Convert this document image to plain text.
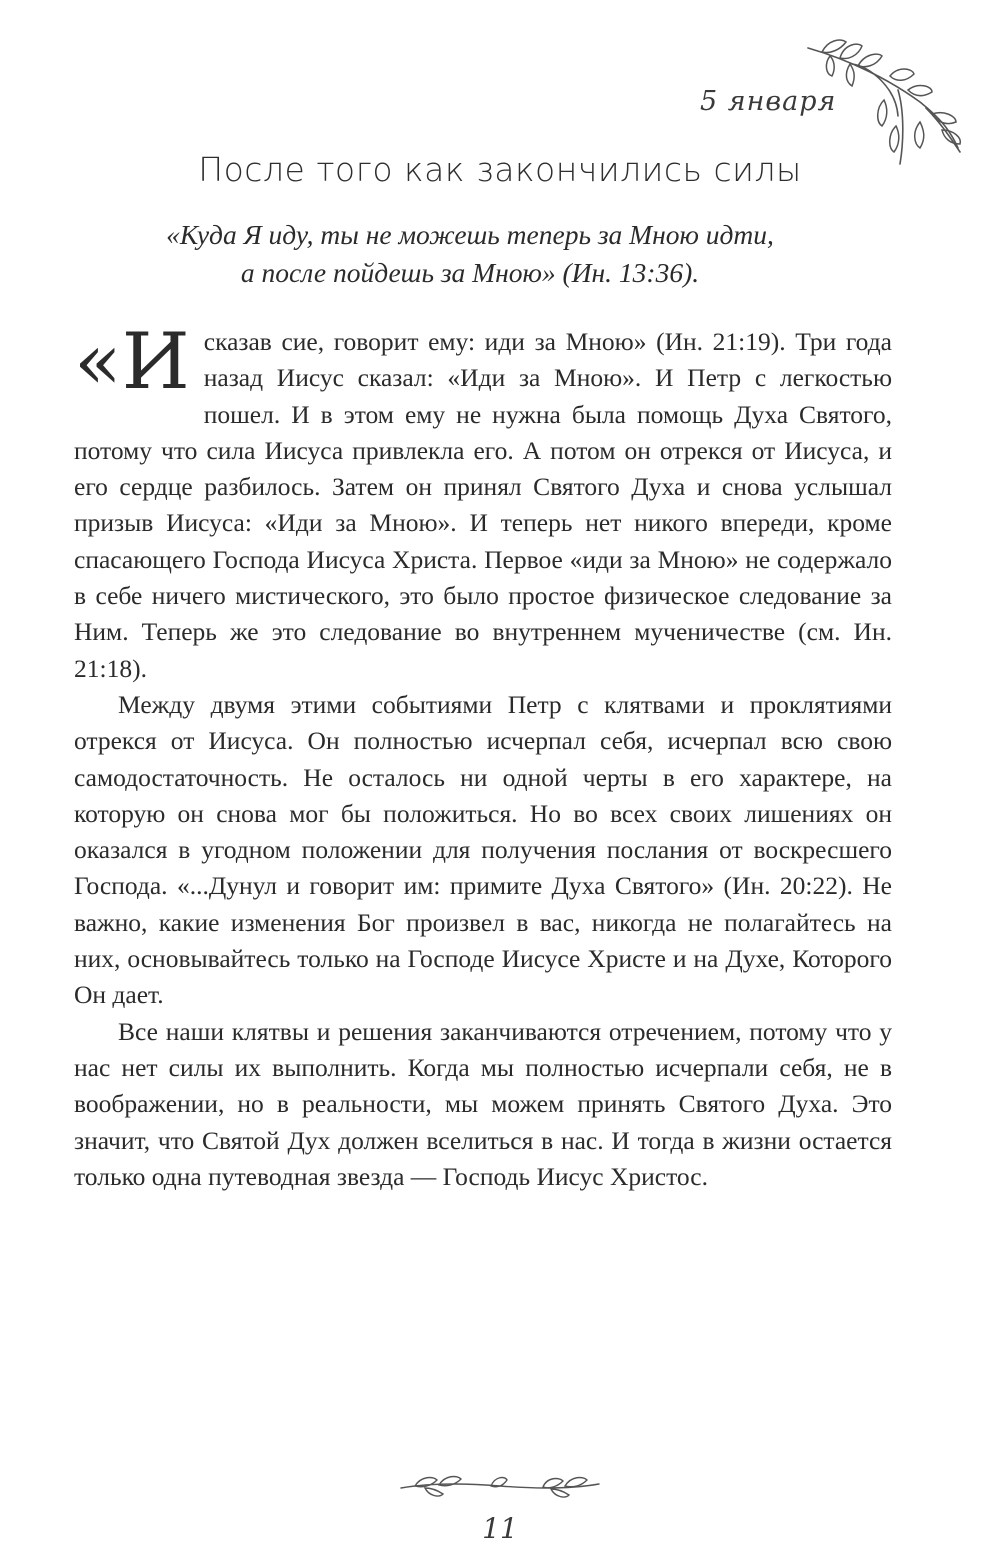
5 января
После того как закончились силы

«Куда Я иду, ты не можешь теперь за Мною идти,

а после пойдешь за Мною» (Ин. 13:36).

«Исказав сие, говорит ему: иди за Мною» (Ин. 21:19). Три года назад Иисус сказал: «Иди за Мною». И Петр с легкостью пошел. И в этом ему не нужна была помощь Духа Святого, потому что сила Иисуса привлекла его. А потом он отрекся от Иисуса, и его сердце разбилось. Затем он принял Святого Духа и снова услышал призыв Иисуса: «Иди за Мною». И теперь нет никого впереди, кроме спасающего Господа Иисуса Христа. Первое «иди за Мною» не содержало в себе ничего мистического, это было простое физическое следование за Ним. Теперь же это следование во внутреннем мученичестве (см. Ин. 21:18).

Между двумя этими событиями Петр с клятвами и проклятиями отрекся от Иисуса. Он полностью исчерпал себя, исчерпал всю свою самодостаточность. Не осталось ни одной черты в его характере, на которую он снова мог бы положиться. Но во всех своих лишениях он оказался в угодном положении для получения послания от воскресшего Господа. «...Дунул и говорит им: примите Духа Святого» (Ин. 20:22). Не важно, какие изменения Бог произвел в вас, никогда не полагайтесь на них, основывайтесь только на Господе Иисусе Христе и на Духе, Которого Он дает.

Все наши клятвы и решения заканчиваются отречением, потому что у нас нет силы их выполнить. Когда мы полностью исчерпали себя, не в воображении, но в реальности, мы можем принять Святого Духа. Это значит, что Святой Дух должен вселиться в нас. И тогда в жизни остается только одна путеводная звезда — Господь Иисус Христос.

11
